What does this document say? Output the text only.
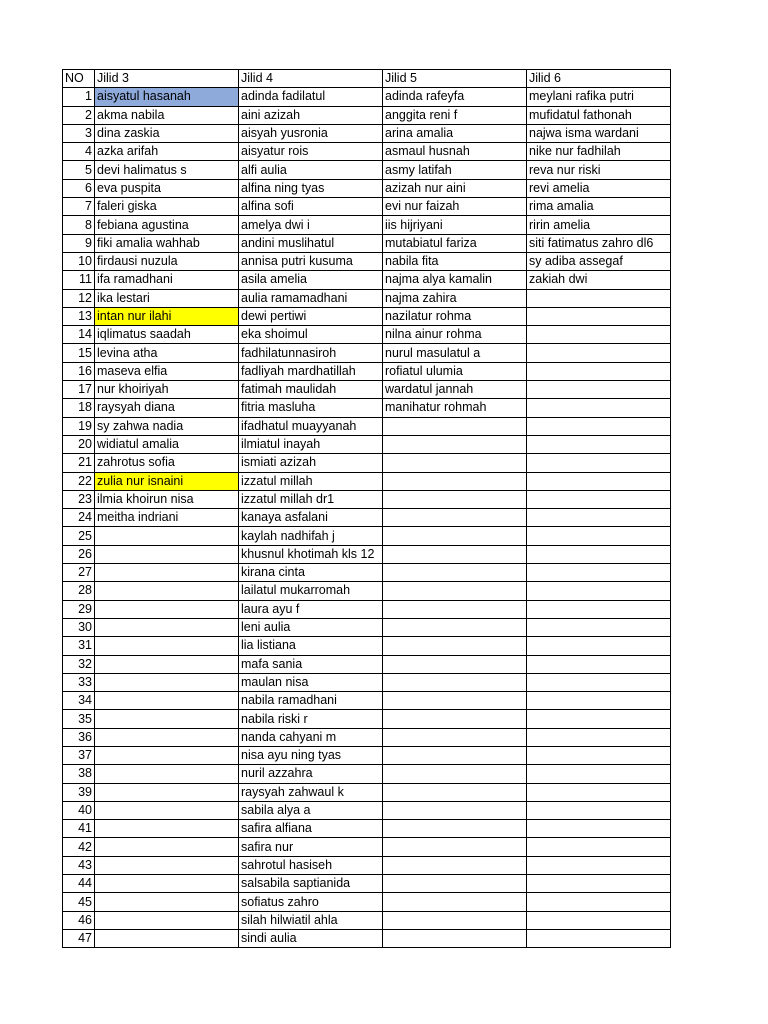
NO	Jilid 3	Jilid 4	Jilid 5	Jilid 6
1	aisyatul hasanah	adinda fadilatul	adinda rafeyfa	meylani rafika putri
2	akma nabila	aini azizah	anggita reni f	mufidatul fathonah
3	dina zaskia	aisyah yusronia	arina amalia	najwa isma wardani
4	azka arifah	aisyatur rois	asmaul husnah	nike nur fadhilah
5	devi halimatus s	alfi aulia	asmy latifah	reva nur riski
6	eva puspita	alfina ning tyas	azizah nur aini	revi amelia
7	faleri giska	alfina sofi	evi nur faizah	rima amalia
8	febiana agustina	amelya dwi i	iis hijriyani	ririn amelia
9	fiki amalia wahhab	andini muslihatul	mutabiatul fariza	siti fatimatus zahro dl6
10	firdausi nuzula	annisa putri kusuma	nabila fita	sy adiba assegaf
11	ifa ramadhani	asila amelia	najma alya kamalin	zakiah dwi
12	ika lestari	aulia ramamadhani	najma zahira	
13	intan nur ilahi	dewi pertiwi	nazilatur rohma	
14	iqlimatus saadah	eka shoimul	nilna ainur rohma	
15	levina atha	fadhilatunnasiroh	nurul masulatul a	
16	maseva elfia	fadliyah mardhatillah	rofiatul ulumia	
17	nur khoiriyah	fatimah maulidah	wardatul jannah	
18	raysyah diana	fitria masluha	manihatur rohmah	
19	sy zahwa nadia	ifadhatul muayyanah		
20	widiatul amalia	ilmiatul inayah		
21	zahrotus sofia	ismiati azizah		
22	zulia nur isnaini	izzatul millah		
23	ilmia khoirun nisa	izzatul millah dr1		
24	meitha indriani	kanaya asfalani		
25		kaylah nadhifah j		
26		khusnul khotimah kls 12		
27		kirana cinta		
28		lailatul mukarromah		
29		laura ayu f		
30		leni aulia		
31		lia listiana		
32		mafa sania		
33		maulan nisa		
34		nabila ramadhani		
35		nabila riski r		
36		nanda cahyani m		
37		nisa ayu ning tyas		
38		nuril azzahra		
39		raysyah zahwaul k		
40		sabila alya a		
41		safira alfiana		
42		safira nur		
43		sahrotul hasiseh		
44		salsabila saptianida		
45		sofiatus zahro		
46		silah hilwiatil ahla		
47		sindi aulia		
